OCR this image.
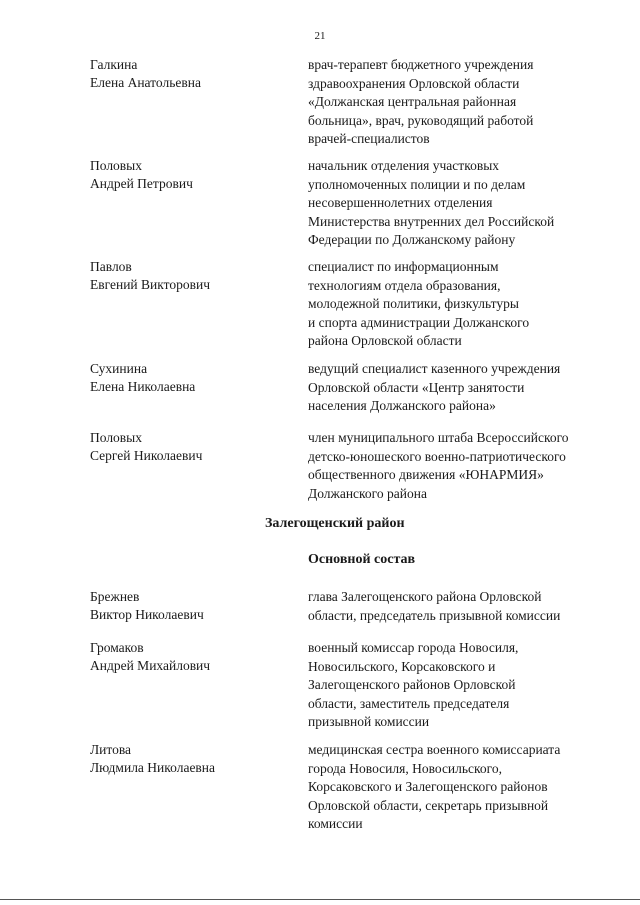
21
Галкина
Елена Анатольевна
врач-терапевт бюджетного учреждения
здравоохранения Орловской области
«Должанская центральная районная
больница», врач, руководящий работой
врачей-специалистов
Половых
Андрей Петрович
начальник отделения участковых
уполномоченных полиции и по делам
несовершеннолетних отделения
Министерства внутренних дел Российской
Федерации по Должанскому району
Павлов
Евгений Викторович
специалист по информационным
технологиям отдела образования,
молодежной политики, физкультуры
и спорта администрации Должанского
района Орловской области
Сухинина
Елена Николаевна
ведущий специалист казенного учреждения
Орловской области «Центр занятости
населения Должанского района»
Половых
Сергей Николаевич
член муниципального штаба Всероссийского
детско-юношеского военно-патриотического
общественного движения «ЮНАРМИЯ»
Должанского района
Залегощенский район
Основной состав
Брежнев
Виктор Николаевич
глава Залегощенского района Орловской
области, председатель призывной комиссии
Громаков
Андрей Михайлович
военный комиссар города Новосиля,
Новосильского, Корсаковского и
Залегощенского районов Орловской
области, заместитель председателя
призывной комиссии
Литова
Людмила Николаевна
медицинская сестра военного комиссариата
города Новосиля, Новосильского,
Корсаковского и Залегощенского районов
Орловской области, секретарь призывной
комиссии
